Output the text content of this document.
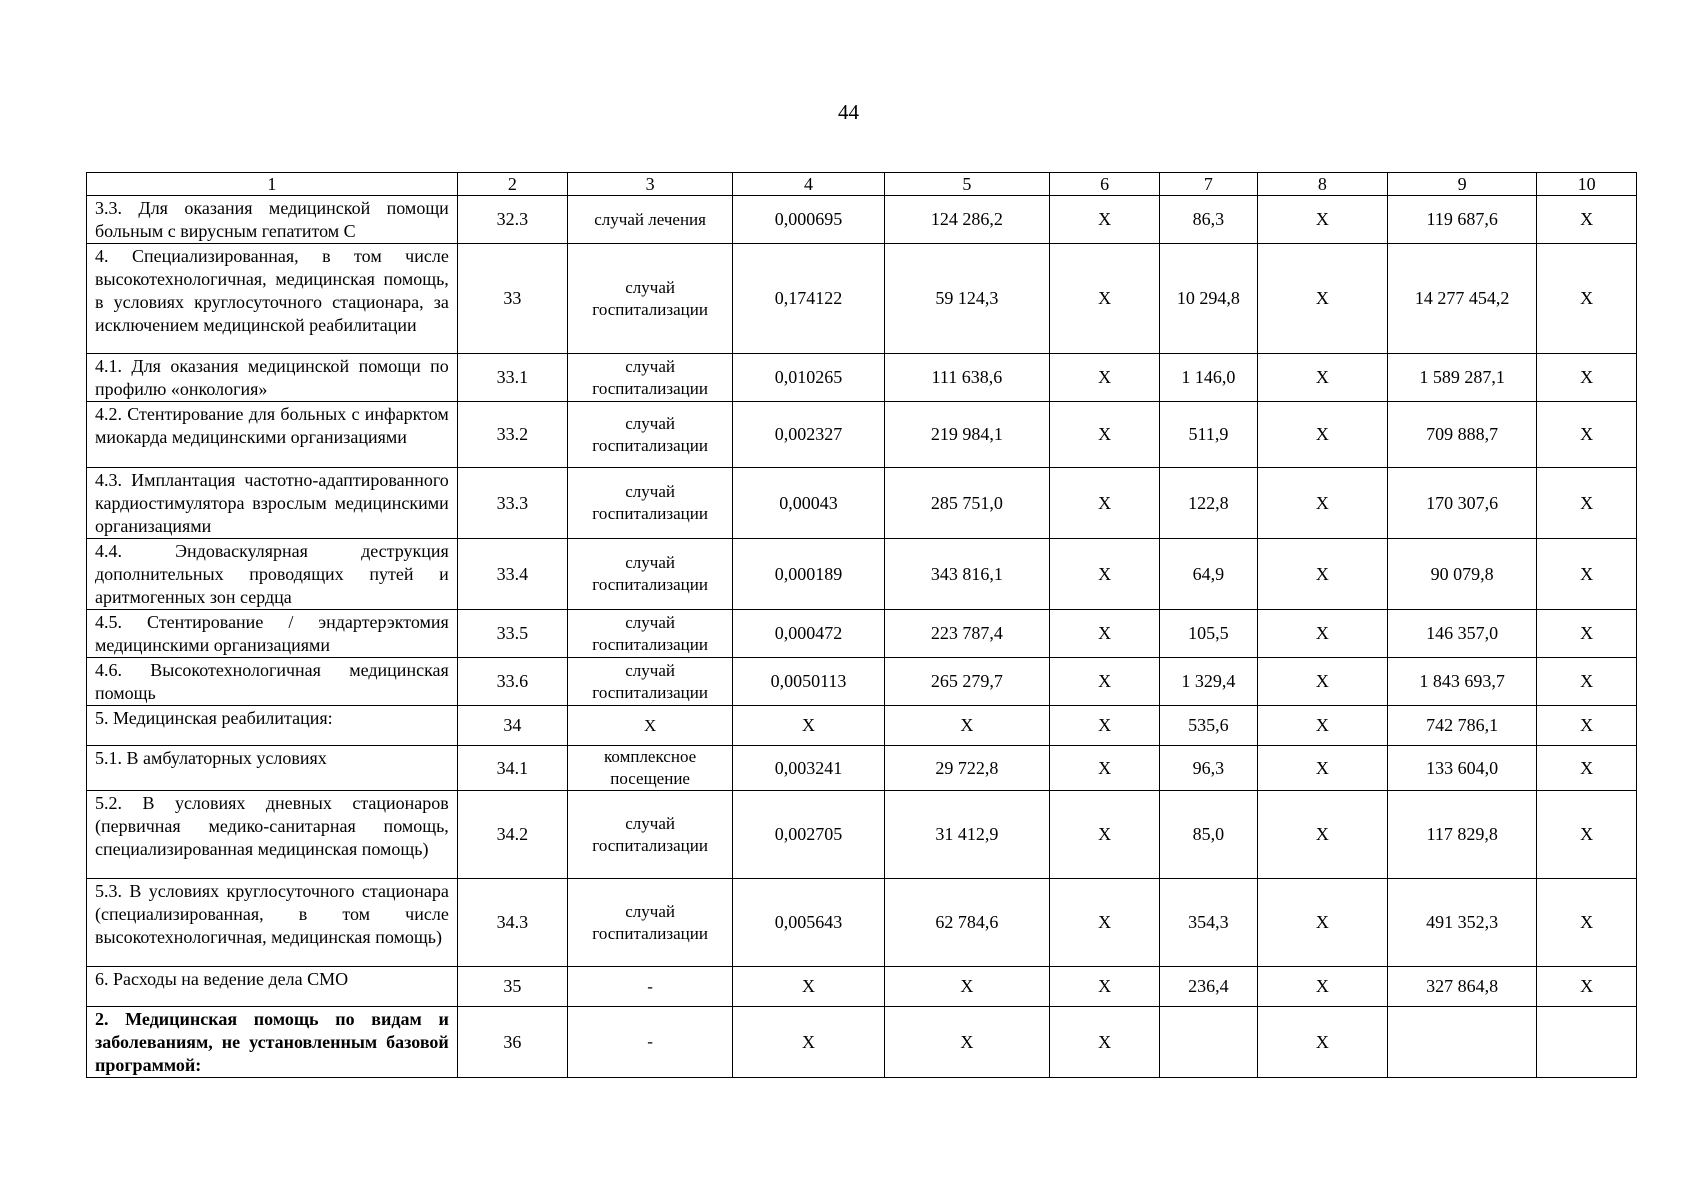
44
1	2	3	4	5	6	7	8	9	10
3.3. Для оказания медицинской помощи больным с вирусным гепатитом С	32.3	случай лечения	0,000695	124 286,2	Х	86,3	Х	119 687,6	Х
4. Специализированная, в том числе высокотехнологичная, медицинская помощь, в условиях круглосуточного стационара, за исключением медицинской реабилитации	33	случай госпитализации	0,174122	59 124,3	Х	10 294,8	Х	14 277 454,2	Х
4.1. Для оказания медицинской помощи по профилю «онкология»	33.1	случай госпитализации	0,010265	111 638,6	Х	1 146,0	Х	1 589 287,1	Х
4.2. Стентирование для больных с инфарктом миокарда медицинскими организациями	33.2	случай госпитализации	0,002327	219 984,1	Х	511,9	Х	709 888,7	Х
4.3. Имплантация частотно-адаптированного кардиостимулятора взрослым медицинскими организациями	33.3	случай госпитализации	0,00043	285 751,0	Х	122,8	Х	170 307,6	Х
4.4. Эндоваскулярная деструкция дополнительных проводящих путей и аритмогенных зон сердца	33.4	случай госпитализации	0,000189	343 816,1	Х	64,9	Х	90 079,8	Х
4.5. Стентирование / эндартерэктомия медицинскими организациями	33.5	случай госпитализации	0,000472	223 787,4	Х	105,5	Х	146 357,0	Х
4.6. Высокотехнологичная медицинская помощь	33.6	случай госпитализации	0,0050113	265 279,7	Х	1 329,4	Х	1 843 693,7	Х
5. Медицинская реабилитация:	34	Х	Х	Х	Х	535,6	Х	742 786,1	Х
5.1. В амбулаторных условиях	34.1	комплексное посещение	0,003241	29 722,8	Х	96,3	Х	133 604,0	Х
5.2. В условиях дневных стационаров (первичная медико-санитарная помощь, специализированная медицинская помощь)	34.2	случай госпитализации	0,002705	31 412,9	Х	85,0	Х	117 829,8	Х
5.3. В условиях круглосуточного стационара (специализированная, в том числе высокотехнологичная, медицинская помощь)	34.3	случай госпитализации	0,005643	62 784,6	Х	354,3	Х	491 352,3	Х
6. Расходы на ведение дела СМО	35	-	Х	Х	Х	236,4	Х	327 864,8	Х
2. Медицинская помощь по видам и заболеваниям, не установленным базовой программой:	36	-	Х	Х	Х		Х		
